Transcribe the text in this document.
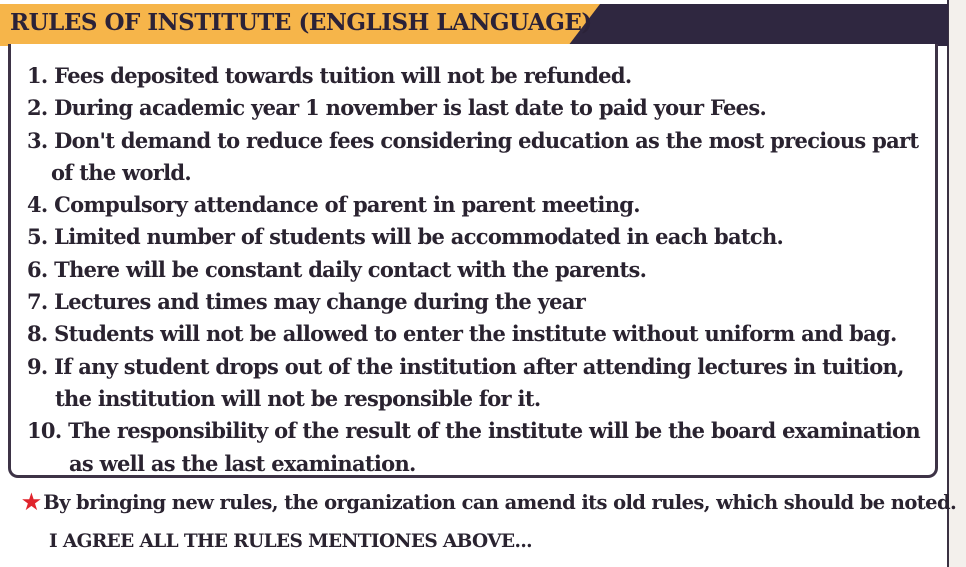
RULES OF INSTITUTE (ENGLISH LANGUAGE)
1. Fees deposited towards tuition will not be refunded.
2. During academic year 1 november is last date to paid your Fees.
3. Don't demand to reduce fees considering education as the most precious part
of the world.
4. Compulsory attendance of parent in parent meeting.
5. Limited number of students will be accommodated in each batch.
6. There will be constant daily contact with the parents.
7. Lectures and times may change during the year
8. Students will not be allowed to enter the institute without uniform and bag.
9. If any student drops out of the institution after attending lectures in tuition,
the institution will not be responsible for it.
10. The responsibility of the result of the institute will be the board examination
as well as the last examination.
★ By bringing new rules, the organization can amend its old rules, which should be noted.
I AGREE ALL THE RULES MENTIONES ABOVE...
